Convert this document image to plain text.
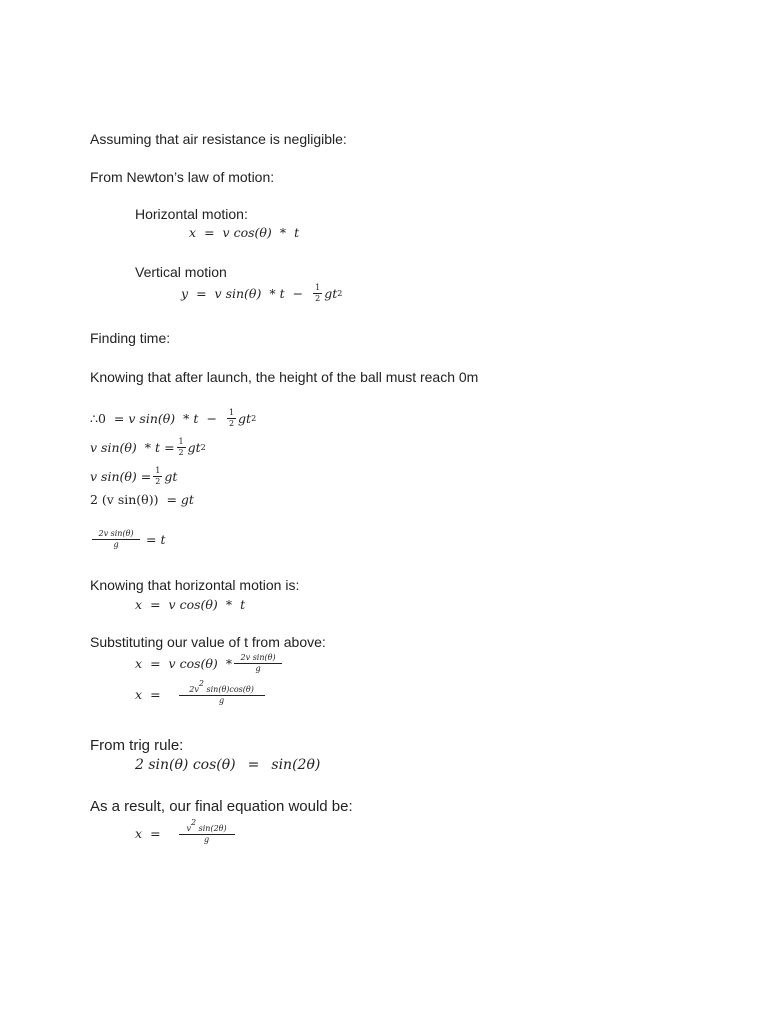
Assuming that air resistance is negligible:
From Newton’s law of motion:
Horizontal motion:
x = v cos(θ) * t
Vertical motion
y = v $\sin(\theta) * t - \frac{1}{2}$ gt 2
Finding time:
Knowing that after launch, the height of the ball must reach 0m
∴0 = v $\sin(\theta) * t - \frac{1}{2}$ gt 2
v $\sin(\theta) * t = \frac{1}{2}$ gt 2
v $\sin(\theta) = \frac{1}{2}$ gt
2 (v sin(θ)) = gt
$\frac{\text{2v sin(θ)}}{g} = t$
Knowing that horizontal motion is:
x = v cos(θ) * t
Substituting our value of t from above:
x = v $\cos(\theta) * \frac{\text{2v sin(θ)}}{g}$
$x = \frac{2v^2 \sin(\theta)\cos(\theta)}{g}$
From trig rule:
2 sin(θ) cos(θ) = sin(2θ)
As a result, our final equation would be:
$x = \frac{v^2 \sin(2\theta)}{g}$
